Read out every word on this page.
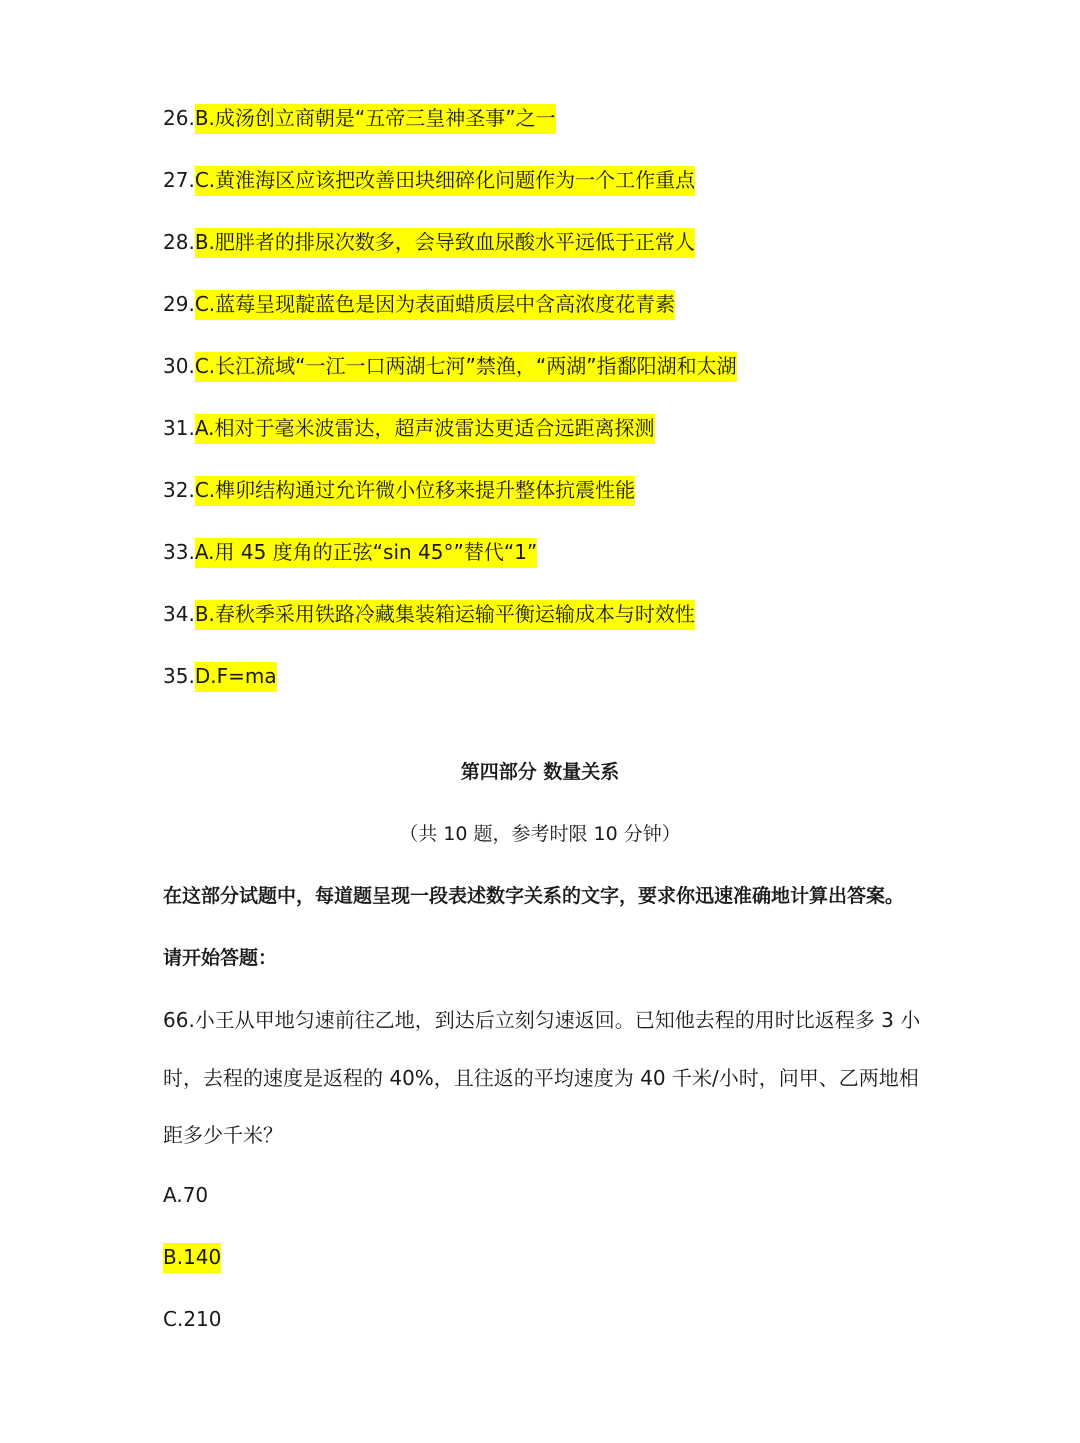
26.B.成汤创立商朝是“五帝三皇神圣事”之一
27.C.黄淮海区应该把改善田块细碎化问题作为一个工作重点
28.B.肥胖者的排尿次数多，会导致血尿酸水平远低于正常人
29.C.蓝莓呈现靛蓝色是因为表面蜡质层中含高浓度花青素
30.C.长江流域“一江一口两湖七河”禁渔，“两湖”指鄱阳湖和太湖
31.A.相对于毫米波雷达，超声波雷达更适合远距离探测
32.C.榫卯结构通过允许微小位移来提升整体抗震性能
33.A.用 45 度角的正弦“sin 45°”替代“1”
34.B.春秋季采用铁路冷藏集装箱运输平衡运输成本与时效性
35.D.F=ma
第四部分 数量关系
（共 10 题，参考时限 10 分钟）
在这部分试题中，每道题呈现一段表述数字关系的文字，要求你迅速准确地计算出答案。
请开始答题：
66.小王从甲地匀速前往乙地，到达后立刻匀速返回。已知他去程的用时比返程多 3 小
时，去程的速度是返程的 40%，且往返的平均速度为 40 千米/小时，问甲、乙两地相
距多少千米？
A.70
B.140
C.210
